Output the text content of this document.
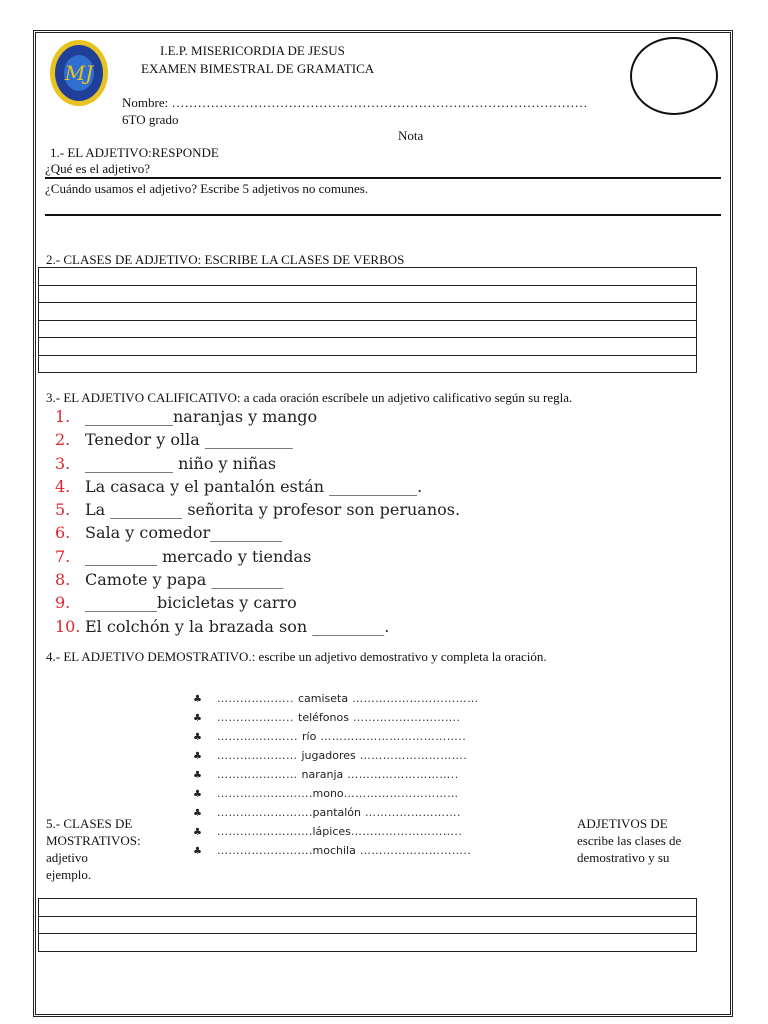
MJ
I.E.P. MISERICORDIA DE JESUS
EXAMEN BIMESTRAL DE GRAMATICA
Nombre: ……………………………………………………………………………………
6TO grado
Nota
1.- EL ADJETIVO:RESPONDE
¿Qué es el adjetivo?
¿Cuándo usamos el adjetivo? Escribe 5 adjetivos no comunes.
2.- CLASES DE ADJETIVO: ESCRIBE LA CLASES DE VERBOS

3.- EL ADJETIVO CALIFICATIVO: a cada oración escríbele un adjetivo calificativo según su regla.
1. ___________naranjas y mango
2. Tenedor y olla ___________
3. ___________ niño y niñas
4. La casaca y el pantalón están ___________.
5. La _________ señorita y profesor son peruanos.
6. Sala y comedor_________
7. _________ mercado y tiendas
8. Camote y papa _________
9. _________bicicletas y carro
10. El colchón y la brazada son _________.
4.- EL ADJETIVO DEMOSTRATIVO.: escribe un adjetivo demostrativo y completa la oración.
♣ ……………….. camiseta ……………………………
♣ ……………….. teléfonos ……………………….
♣ ………………... río ………………………………..
♣ ………………… jugadores ……………………….
♣ ………………… naranja ………………………..
♣ …………………….mono…………………………
♣ …………………….pantalón …………………….
♣ …………………….lápices………………………..
♣ …………………….mochila ………………………..
5.- CLASES DE
MOSTRATIVOS:
adjetivo
ejemplo.
ADJETIVOS DE
escribe las clases de
demostrativo y su
